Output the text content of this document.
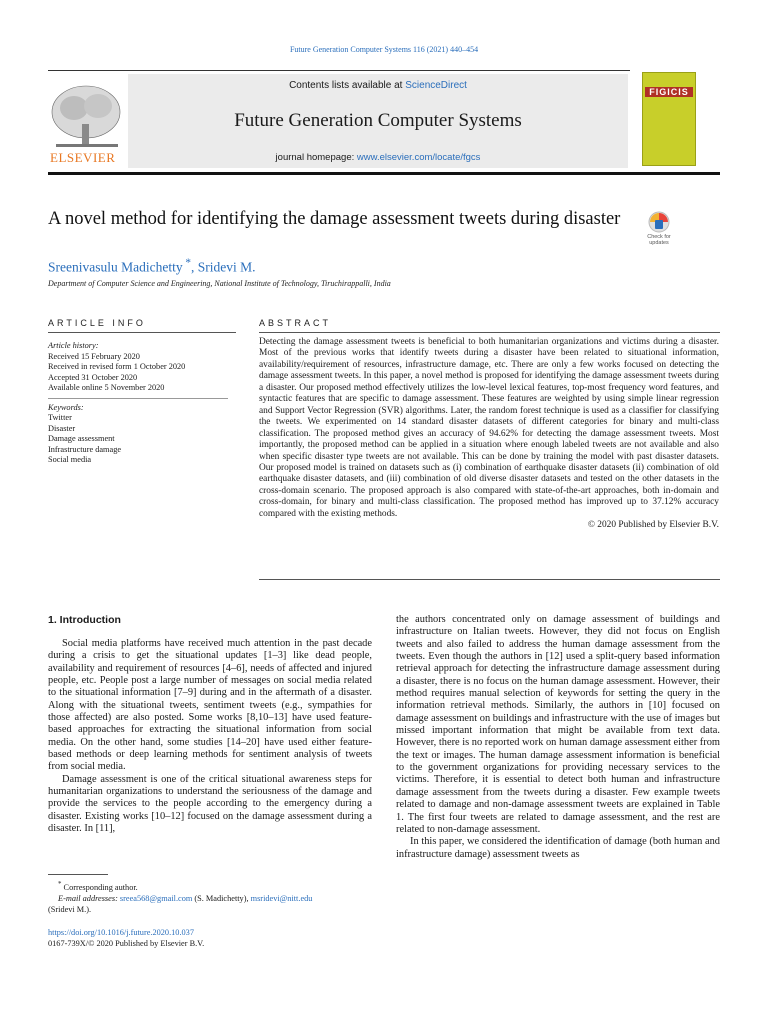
Future Generation Computer Systems 116 (2021) 440–454
ELSEVIER
Contents lists available at ScienceDirect
Future Generation Computer Systems
journal homepage: www.elsevier.com/locate/fgcs
FIGICIS
A novel method for identifying the damage assessment tweets during disaster
Check for
updates
Sreenivasulu Madichetty *, Sridevi M.
Department of Computer Science and Engineering, National Institute of Technology, Tiruchirappalli, India
ARTICLE INFO	ABSTRACT
Article history:
Received 15 February 2020
Received in revised form 1 October 2020
Accepted 31 October 2020
Available online 5 November 2020
Keywords:
Twitter
Disaster
Damage assessment
Infrastructure damage
Social media
Detecting the damage assessment tweets is beneficial to both humanitarian organizations and victims during a disaster. Most of the previous works that identify tweets during a disaster have been related to situational information, availability/requirement of resources, infrastructure damage, etc. There are only a few works focused on detecting the damage assessment tweets. In this paper, a novel method is proposed for identifying the damage assessment tweets during a disaster. Our proposed method effectively utilizes the low-level lexical features, top-most frequency word features, and syntactic features that are specific to damage assessment. These features are weighted by using simple linear regression and Support Vector Regression (SVR) algorithms. Later, the random forest technique is used as a classifier for classifying the tweets. We experimented on 14 standard disaster datasets of different categories for binary and multi-class classification. The proposed method gives an accuracy of 94.62% for detecting the damage assessment tweets. Most importantly, the proposed method can be applied in a situation where enough labeled tweets are not available and also when specific disaster type tweets are not available. This can be done by training the model with past disaster datasets. Our proposed model is trained on datasets such as (i) combination of earthquake disaster datasets (ii) combination of old earthquake disaster datasets, and (iii) combination of old diverse disaster datasets and tested on the other datasets in the cross-domain scenario. The proposed approach is also compared with state-of-the-art approaches, both in-domain and cross-domain, for binary and multi-class classification. The proposed method has improved up to 37.12% accuracy compared with the existing methods.

© 2020 Published by Elsevier B.V.

1. Introduction

Social media platforms have received much attention in the past decade during a crisis to get the situational updates [1–3] like dead people, availability and requirement of resources [4–6], needs of affected and injured people, etc. People post a large number of messages on social media related to the situational information [7–9] during and in the aftermath of a disaster. Along with the situational tweets, sentiment tweets (e.g., sympathies for those affected) are also posted. Some works [8,10–13] have used feature-based approaches for extracting the situational information from social media. On the other hand, some studies [14–20] have used either feature-based methods or deep learning methods for sentiment analysis of tweets from social media.

Damage assessment is one of the critical situational awareness steps for humanitarian organizations to understand the seriousness of the damage and provide the services to the people according to the emergency during a disaster. Existing works [10–12] focused on the damage assessment during a disaster. In [11],

the authors concentrated only on damage assessment of buildings and infrastructure on Italian tweets. However, they did not focus on English tweets and also failed to address the human damage assessment from the tweets. Even though the authors in [12] used a split-query based information retrieval approach for detecting the infrastructure damage assessment during a disaster, there is no focus on the human damage assessment. However, their method requires manual selection of keywords for setting the query in the information retrieval methods. Similarly, the authors in [10] focused on damage assessment on buildings and infrastructure with the use of images but missed important information that might be available from text data. However, there is no reported work on human damage assessment either from the text or images. The human damage assessment information is beneficial to the government organizations for providing necessary services to the victims. Therefore, it is essential to detect both human and infrastructure damage assessment from the tweets during a disaster. Few example tweets related to damage and non-damage assessment tweets are explained in Table 1. The first four tweets are related to damage assessment, and the rest are related to non-damage assessment.

In this paper, we considered the identification of damage (both human and infrastructure damage) assessment tweets as

* Corresponding author.
E-mail addresses: sreea568@gmail.com (S. Madichetty), msridevi@nitt.edu
(Sridevi M.).
https://doi.org/10.1016/j.future.2020.10.037
0167-739X/© 2020 Published by Elsevier B.V.
